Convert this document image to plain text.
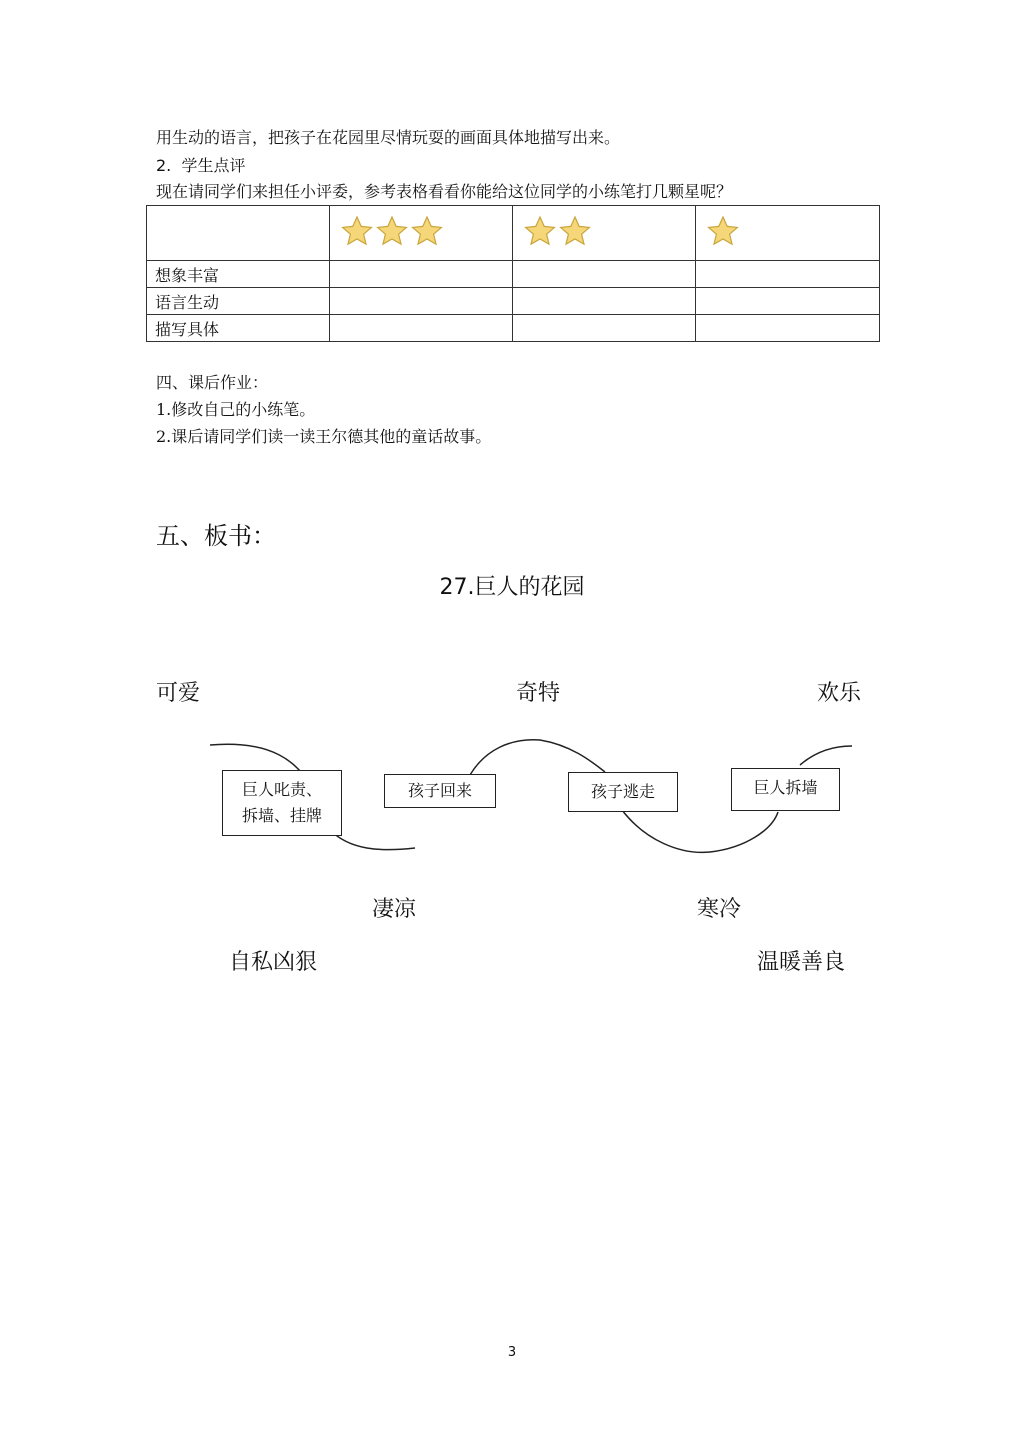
用生动的语言，把孩子在花园里尽情玩耍的画面具体地描写出来。
2. 学生点评
现在请同学们来担任小评委，参考表格看看你能给这位同学的小练笔打几颗星呢？

想象丰富			
语言生动			
描写具体			
四、课后作业：
1.修改自己的小练笔。
2.课后请同学们读一读王尔德其他的童话故事。
五、板书：
27.巨人的花园
可爱	奇特	欢乐
巨人叱责、
拆墙、挂牌
孩子回来	孩子逃走	巨人拆墙
凄凉	寒冷
自私凶狠	温暖善良
3
